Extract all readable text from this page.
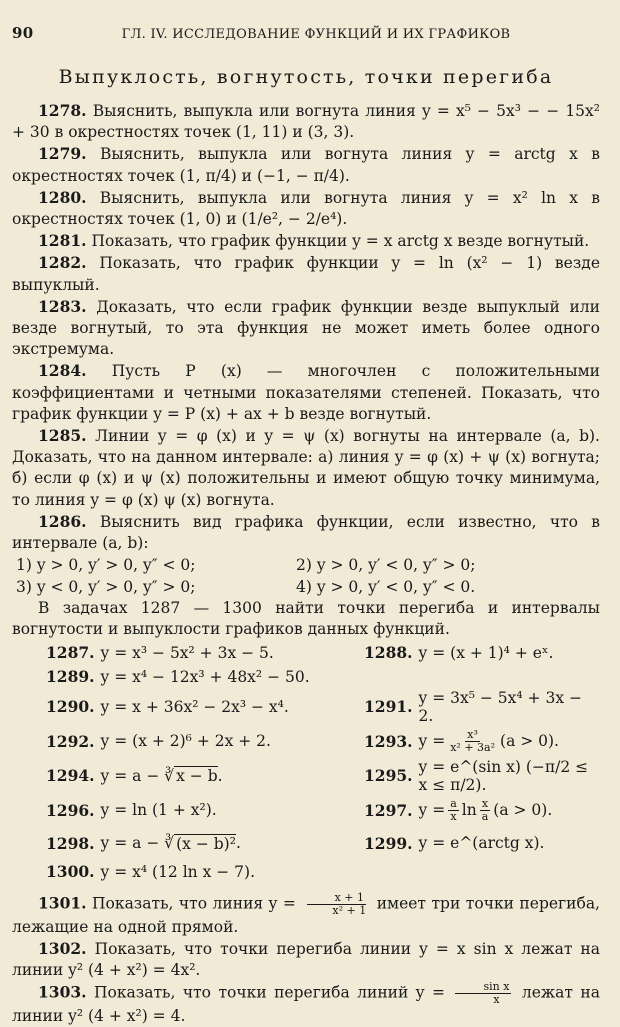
90	ГЛ. IV. ИССЛЕДОВАНИЕ ФУНКЦИЙ И ИХ ГРАФИКОВ
Выпуклость, вогнутость, точки перегиба

1278. Выяснить, выпукла или вогнута линия y = x⁵ − 5x³ − − 15x² + 30 в окрестностях точек (1, 11) и (3, 3).

1279. Выяснить, выпукла или вогнута линия y = arctg x в окрестностях точек (1, π/4) и (−1, − π/4).

1280. Выяснить, выпукла или вогнута линия y = x² ln x в окрестностях точек (1, 0) и (1/e², − 2/e⁴).

1281. Показать, что график функции y = x arctg x везде вогнутый.

1282. Показать, что график функции y = ln (x² − 1) везде выпуклый.

1283. Доказать, что если график функции везде выпуклый или везде вогнутый, то эта функция не может иметь более одного экстремума.

1284. Пусть P (x) — многочлен с положительными коэффициентами и четными показателями степеней. Показать, что график функции y = P (x) + ax + b везде вогнутый.

1285. Линии y = φ (x) и y = ψ (x) вогнуты на интервале (a, b). Доказать, что на данном интервале: а) линия y = φ (x) + ψ (x) вогнута; б) если φ (x) и ψ (x) положительны и имеют общую точку минимума, то линия y = φ (x) ψ (x) вогнута.

1286. Выяснить вид графика функции, если известно, что в интервале (a, b):

1) y > 0, y′ > 0, y″ < 0;	2) y > 0, y′ < 0, y″ > 0;
3) y < 0, y′ > 0, y″ > 0;	4) y > 0, y′ < 0, y″ < 0.

В задачах 1287 — 1300 найти точки перегиба и интервалы вогнутости и выпуклости графиков данных функций.

1287. y = x³ − 5x² + 3x − 5.	1288. y = (x + 1)⁴ + eˣ.
1289. y = x⁴ − 12x³ + 48x² − 50.
1290. y = x + 36x² − 2x³ − x⁴.	1291. y = 3x⁵ − 5x⁴ + 3x − 2.
1292. y = (x + 2)⁶ + 2x + 2.	1293. $y = \frac{\text{x³}}{\text{x² + 3a²}} (a > 0)$.
1294. y = a − ∛ x − b .	1295. y = e^(sin x) (−π/2 ≤ x ≤ π/2).
1296. y = ln (1 + x²).	1297. $y = \frac{a}{x}$ $\ln \frac{x}{a} (a > 0)$.
1298. y = a − ∛ (x − b)² .	1299. y = e^(arctg x).
1300. y = x⁴ (12 ln x − 7).

1301. Показать, что линия $y = \frac{x + 1}{\text{x² + 1}}$ имеет три точки перегиба, лежащие на одной прямой.

1302. Показать, что точки перегиба линии y = x sin x лежат на линии y² (4 + x²) = 4x².

1303. Показать, что точки перегиба линий $y = \frac{\text{sin x}}{x}$ лежат на линии y² (4 + x²) = 4.
